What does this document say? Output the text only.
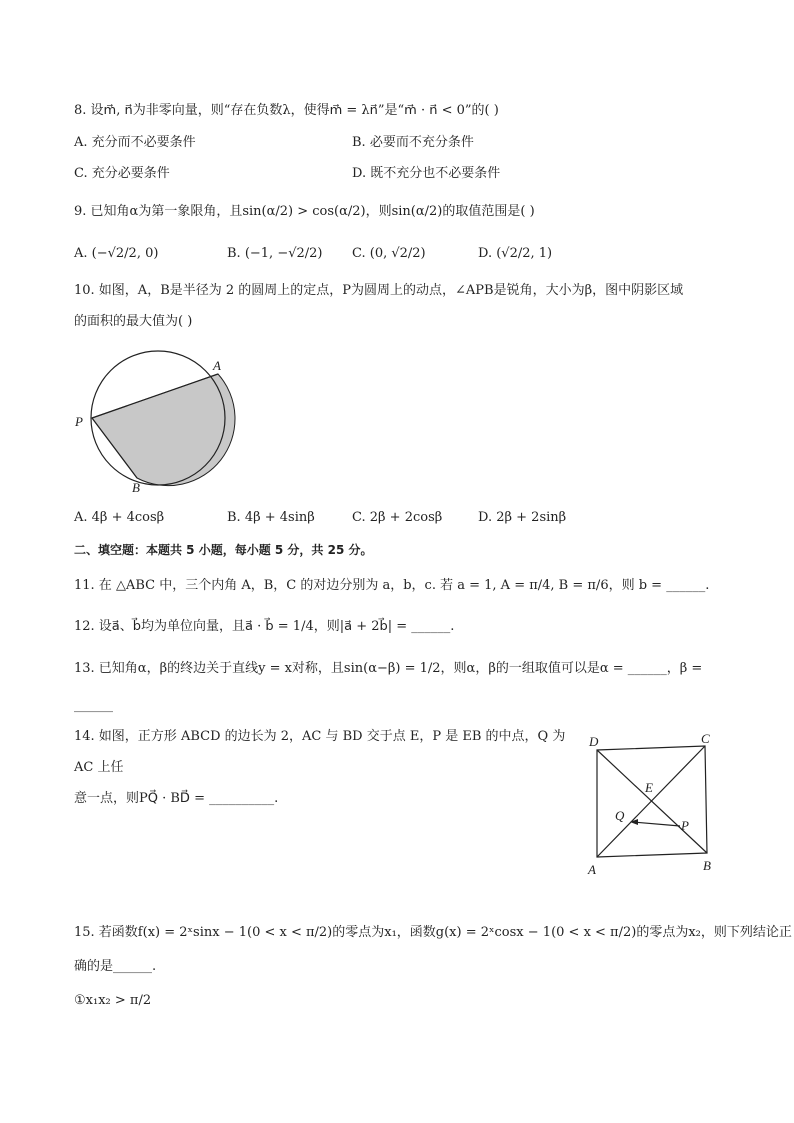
8. 设m⃗, n⃗为非零向量，则“存在负数λ，使得m⃗ = λn⃗”是“m⃗ · n⃗ < 0”的( )
A. 充分而不必要条件	B. 必要而不充分条件
C. 充分必要条件	D. 既不充分也不必要条件
9. 已知角α为第一象限角，且sin(α/2) > cos(α/2)，则sin(α/2)的取值范围是( )
A. (−√2/2, 0)	B. (−1, −√2/2) C. (0, √2/2)	D. (√2/2, 1)
10. 如图，A，B是半径为 2 的圆周上的定点，P为圆周上的动点，∠APB是锐角，大小为β，图中阴影区域
的面积的最大值为( )
A
P
B
A. 4β + 4cosβ	B. 4β + 4sinβ	C. 2β + 2cosβ	D. 2β + 2sinβ
二、填空题：本题共 5 小题，每小题 5 分，共 25 分。
11. 在 △ABC 中，三个内角 A，B，C 的对边分别为 a，b，c. 若 a = 1, A = π/4, B = π/6，则 b = ______.
12. 设a⃗、b⃗均为单位向量，且a⃗ · b⃗ = 1/4，则|a⃗ + 2b⃗| = ______.
13. 已知角α，β的终边关于直线y = x对称，且sin(α−β) = 1/2，则α，β的一组取值可以是α = ______，β =
______
14. 如图，正方形 ABCD 的边长为 2，AC 与 BD 交于点 E，P 是 EB 的中点，Q 为
AC 上任
意一点，则PQ⃗ · BD⃗ = __________.
D	C
E
Q
P
A	B
15. 若函数f(x) = 2ˣsinx − 1(0 < x < π/2)的零点为x₁，函数g(x) = 2ˣcosx − 1(0 < x < π/2)的零点为x₂，则下列结论正
确的是______.
①x₁x₂ > π/2
